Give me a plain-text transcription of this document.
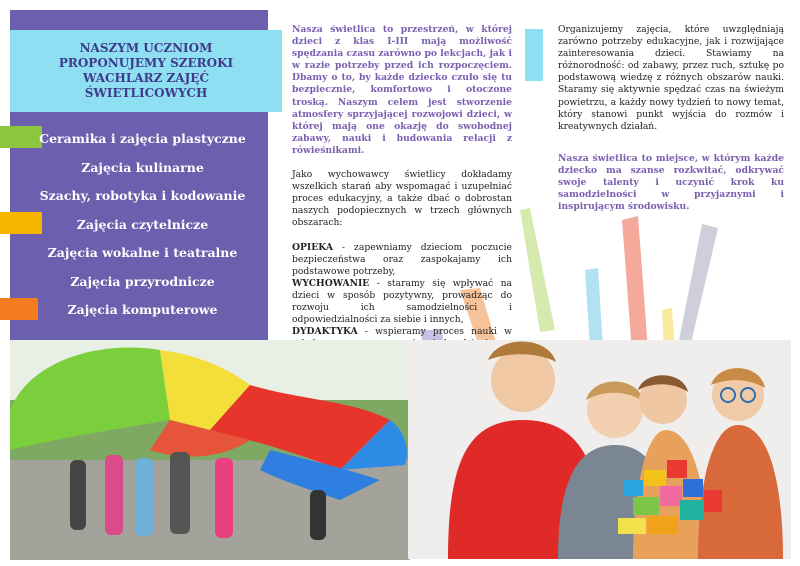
NASZYM UCZNIOM PROPONUJEMY SZEROKI WACHLARZ ZAJĘĆ ŚWIETLICOWYCH
Ceramika i zajęcia plastyczne
Zajęcia kulinarne
Szachy, robotyka i kodowanie
Zajęcia czytelnicze
Zajęcia wokalne i teatralne
Zajęcia przyrodnicze
Zajęcia komputerowe

Nasza świetlica to przestrzeń, w której dzieci z klas I-III mają możliwość spędzania czasu zarówno po lekcjach, jak i w razie potrzeby przed ich rozpoczęciem. Dbamy o to, by każde dziecko czuło się tu bezpiecznie, komfortowo i otoczone troską. Naszym celem jest stworzenie atmosfery sprzyjającej rozwojowi dzieci, w której mają one okazję do swobodnej zabawy, nauki i budowania relacji z rówieśnikami.

Jako wychowawcy świetlicy dokładamy wszelkich starań aby wspomagać i uzupełniać proces edukacyjny, a także dbać o dobrostan naszych podopiecznych w trzech głównych obszarach:

OPIEKA - zapewniamy dzieciom poczucie bezpieczeństwa oraz zaspokajamy ich podstawowe potrzeby,

WYCHOWANIE - staramy się wpływać na dzieci w sposób pozytywny, prowadząc do rozwoju ich samodzielności i odpowiedzialności za siebie i innych,

DYDAKTYKA - wspieramy proces nauki w

Organizujemy zajęcia, które uwzględniają zarówno potrzeby edukacyjne, jak i rozwijające zainteresowania dzieci. Stawiamy na różnorodność: od zabawy, przez ruch, sztukę po podstawową wiedzę z różnych obszarów nauki. Staramy się aktywnie spędzać czas na świeżym powietrzu, a każdy nowy tydzień to nowy temat, który stanowi punkt wyjścia do rozmów i kreatywnych działań.

Nasza świetlica to miejsce, w którym każde dziecko ma szanse rozkwitać, odkrywać swoje talenty i uczynić krok ku samodzielności w przyjaznymi i inspirującym środowisku.
